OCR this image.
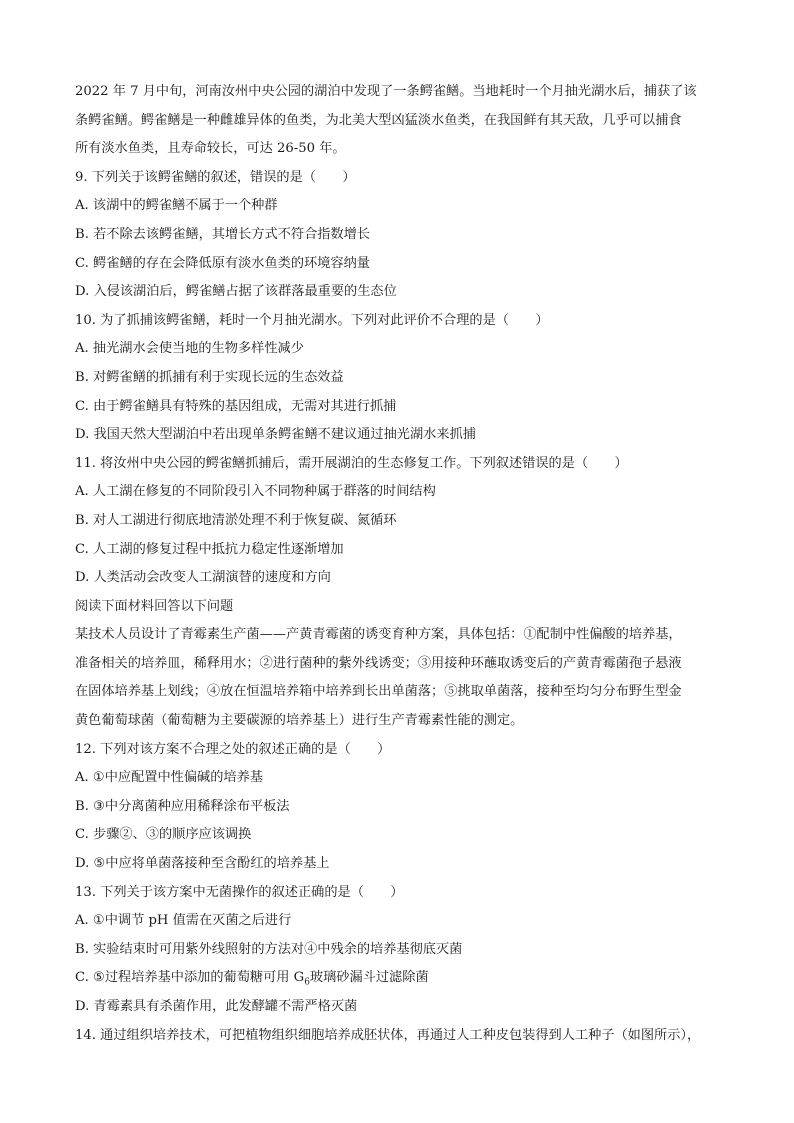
2022 年 7 月中旬，河南汝州中央公园的湖泊中发现了一条鳄雀鳝。当地耗时一个月抽光湖水后，捕获了该

条鳄雀鳝。鳄雀鳝是一种雌雄异体的鱼类，为北美大型凶猛淡水鱼类，在我国鲜有其天敌，几乎可以捕食

所有淡水鱼类，且寿命较长，可达 26-50 年。

9. 下列关于该鳄雀鳝的叙述，错误的是（　　）

A. 该湖中的鳄雀鳝不属于一个种群

B. 若不除去该鳄雀鳝，其增长方式不符合指数增长

C. 鳄雀鳝的存在会降低原有淡水鱼类的环境容纳量

D. 入侵该湖泊后，鳄雀鳝占据了该群落最重要的生态位

10. 为了抓捕该鳄雀鳝，耗时一个月抽光湖水。下列对此评价不合理的是（　　）

A. 抽光湖水会使当地的生物多样性减少

B. 对鳄雀鳝的抓捕有利于实现长远的生态效益

C. 由于鳄雀鳝具有特殊的基因组成，无需对其进行抓捕

D. 我国天然大型湖泊中若出现单条鳄雀鳝不建议通过抽光湖水来抓捕

11. 将汝州中央公园的鳄雀鳝抓捕后，需开展湖泊的生态修复工作。下列叙述错误的是（　　）

A. 人工湖在修复的不同阶段引入不同物种属于群落的时间结构

B. 对人工湖进行彻底地清淤处理不利于恢复碳、氮循环

C. 人工湖的修复过程中抵抗力稳定性逐渐增加

D. 人类活动会改变人工湖演替的速度和方向

阅读下面材料回答以下问题

某技术人员设计了青霉素生产菌——产黄青霉菌的诱变育种方案，具体包括：①配制中性偏酸的培养基，

准备相关的培养皿，稀释用水；②进行菌种的紫外线诱变；③用接种环蘸取诱变后的产黄青霉菌孢子悬液

在固体培养基上划线；④放在恒温培养箱中培养到长出单菌落；⑤挑取单菌落，接种至均匀分布野生型金

黄色葡萄球菌（葡萄糖为主要碳源的培养基上）进行生产青霉素性能的测定。

12. 下列对该方案不合理之处的叙述正确的是（　　）

A. ①中应配置中性偏碱的培养基

B. ③中分离菌种应用稀释涂布平板法

C. 步骤②、③的顺序应该调换

D. ⑤中应将单菌落接种至含酚红的培养基上

13. 下列关于该方案中无菌操作的叙述正确的是（　　）

A. ①中调节 pH 值需在灭菌之后进行

B. 实验结束时可用紫外线照射的方法对④中残余的培养基彻底灭菌

C. ⑤过程培养基中添加的葡萄糖可用 $G_6$玻璃砂漏斗过滤除菌

D. 青霉素具有杀菌作用，此发酵罐不需严格灭菌

14. 通过组织培养技术，可把植物组织细胞培养成胚状体，再通过人工种皮包装得到人工种子（如图所示），
